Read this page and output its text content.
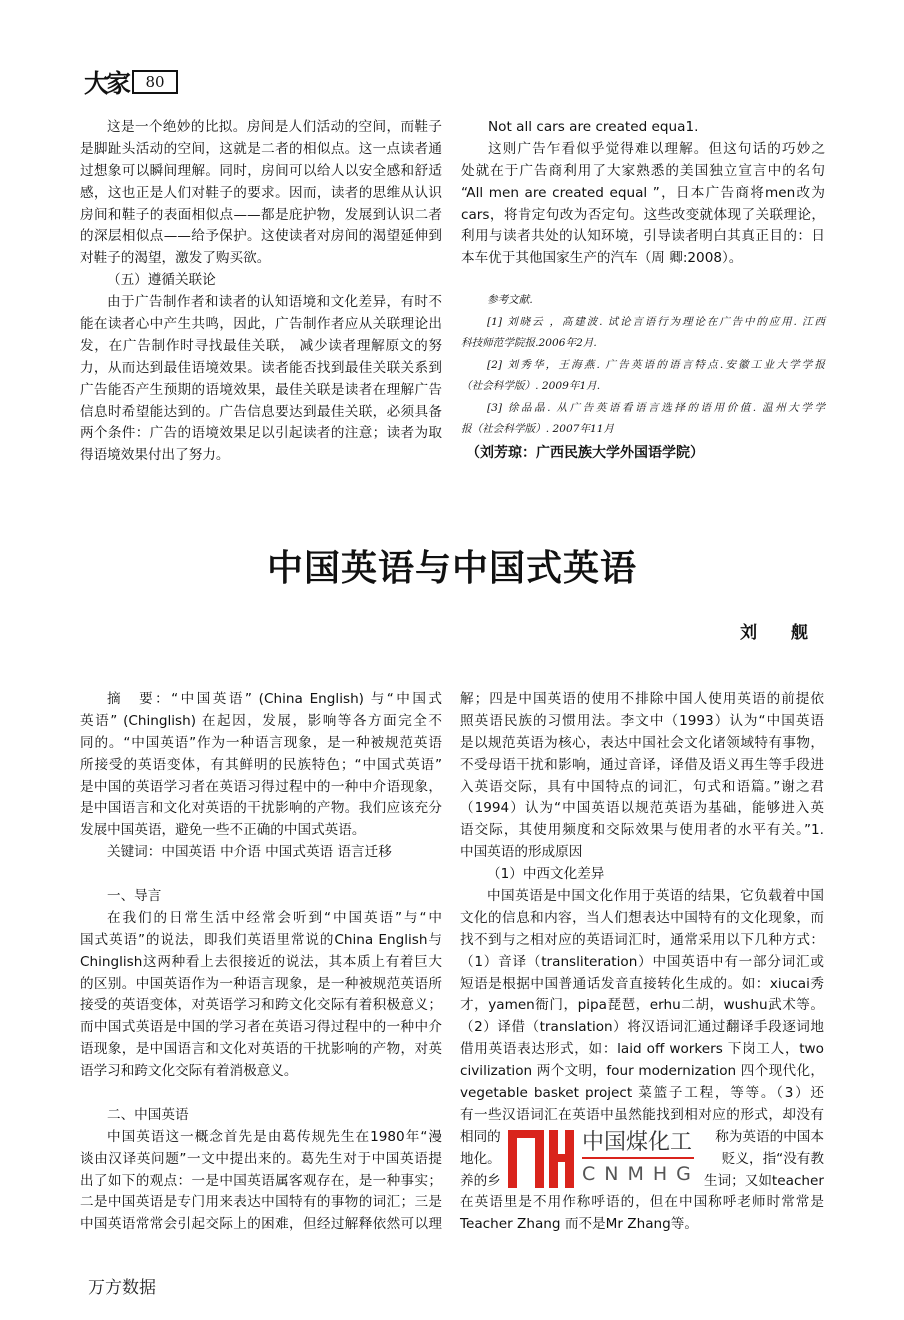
大家	80
这是一个绝妙的比拟。房间是人们活动的空间，而鞋子
是脚趾头活动的空间，这就是二者的相似点。这一点读者通
过想象可以瞬间理解。同时，房间可以给人以安全感和舒适
感，这也正是人们对鞋子的要求。因而，读者的思维从认识
房间和鞋子的表面相似点——都是庇护物，发展到认识二者
的深层相似点——给予保护。这使读者对房间的渴望延伸到
对鞋子的渴望，激发了购买欲。
（五）遵循关联论
由于广告制作者和读者的认知语境和文化差异，有时不
能在读者心中产生共鸣，因此，广告制作者应从关联理论出
发，在广告制作时寻找最佳关联， 减少读者理解原文的努
力，从而达到最佳语境效果。读者能否找到最佳关联关系到
广告能否产生预期的语境效果，最佳关联是读者在理解广告
信息时希望能达到的。广告信息要达到最佳关联，必须具备
两个条件：广告的语境效果足以引起读者的注意；读者为取
得语境效果付出了努力。
Not all cars are created equa1.
这则广告乍看似乎觉得难以理解。但这句话的巧妙之
处就在于广告商利用了大家熟悉的美国独立宣言中的名句
“All men are created equal ”，日本广告商将men改为
cars，将肯定句改为否定句。这些改变就体现了关联理论，
利用与读者共处的认知环境，引导读者明白其真正目的：日
本车优于其他国家生产的汽车（周 卿:2008）。
参考文献.
[1] 刘晓云 ，高建波. 试论言语行为理论在广告中的应用. 江西
科技师范学院报.2006年2月.
[2] 刘秀华，王海燕. 广告英语的语言特点.安徽工业大学学报
（社会科学版）. 2009年1月.
[3] 徐品晶. 从广告英语看语言选择的语用价值. 温州大学学
报（社会科学版）. 2007年11月
（刘芳琼：广西民族大学外国语学院）
中国英语与中国式英语
刘 舰
摘　要：“中国英语” (China English) 与“中国式
英语” (Chinglish) 在起因，发展，影响等各方面完全不
同的。“中国英语”作为一种语言现象，是一种被规范英语
所接受的英语变体，有其鲜明的民族特色；“中国式英语”
是中国的英语学习者在英语习得过程中的一种中介语现象，
是中国语言和文化对英语的干扰影响的产物。我们应该充分
发展中国英语，避免一些不正确的中国式英语。
关键词：中国英语 中介语 中国式英语 语言迁移
一、导言
在我们的日常生活中经常会听到“中国英语”与“中
国式英语”的说法，即我们英语里常说的China English与
Chinglish这两种看上去很接近的说法，其本质上有着巨大
的区别。中国英语作为一种语言现象，是一种被规范英语所
接受的英语变体，对英语学习和跨文化交际有着积极意义；
而中国式英语是中国的学习者在英语习得过程中的一种中介
语现象，是中国语言和文化对英语的干扰影响的产物，对英
语学习和跨文化交际有着消极意义。
二、中国英语
中国英语这一概念首先是由葛传规先生在1980年“漫
谈由汉译英问题”一文中提出来的。葛先生对于中国英语提
出了如下的观点：一是中国英语属客观存在，是一种事实；
二是中国英语是专门用来表达中国特有的事物的词汇；三是
中国英语常常会引起交际上的困难，但经过解释依然可以理
解；四是中国英语的使用不排除中国人使用英语的前提依
照英语民族的习惯用法。李文中（1993）认为“中国英语
是以规范英语为核心，表达中国社会文化诸领域特有事物，
不受母语干扰和影响，通过音译，译借及语义再生等手段进
入英语交际，具有中国特点的词汇，句式和语篇。”谢之君
（1994）认为“中国英语以规范英语为基础，能够进入英
语交际，其使用频度和交际效果与使用者的水平有关。”1.
中国英语的形成原因
（1）中西文化差异
中国英语是中国文化作用于英语的结果，它负载着中国
文化的信息和内容，当人们想表达中国特有的文化现象，而
找不到与之相对应的英语词汇时，通常采用以下几种方式：
（1）音译（transliteration）中国英语中有一部分词汇或
短语是根据中国普通话发音直接转化生成的。如：xiucai秀
才，yamen衙门，pipa琵琶，erhu二胡，wushu武术等。
（2）译借（translation）将汉语词汇通过翻译手段逐词地
借用英语表达形式，如：laid off workers 下岗工人，two
civilization 两个文明，four modernization 四个现代化，
vegetable basket project 菜篮子工程，等等。（3）还
有一些汉语词汇在英语中虽然能找到相对应的形式，却没有
相同的	称为英语的中国本
地化。	贬义，指“没有教
养的乡	生词；又如teacher
在英语里是不用作称呼语的，但在中国称呼老师时常常是
Teacher Zhang 而不是Mr Zhang等。
中国煤化工
CNMHG
万方数据
